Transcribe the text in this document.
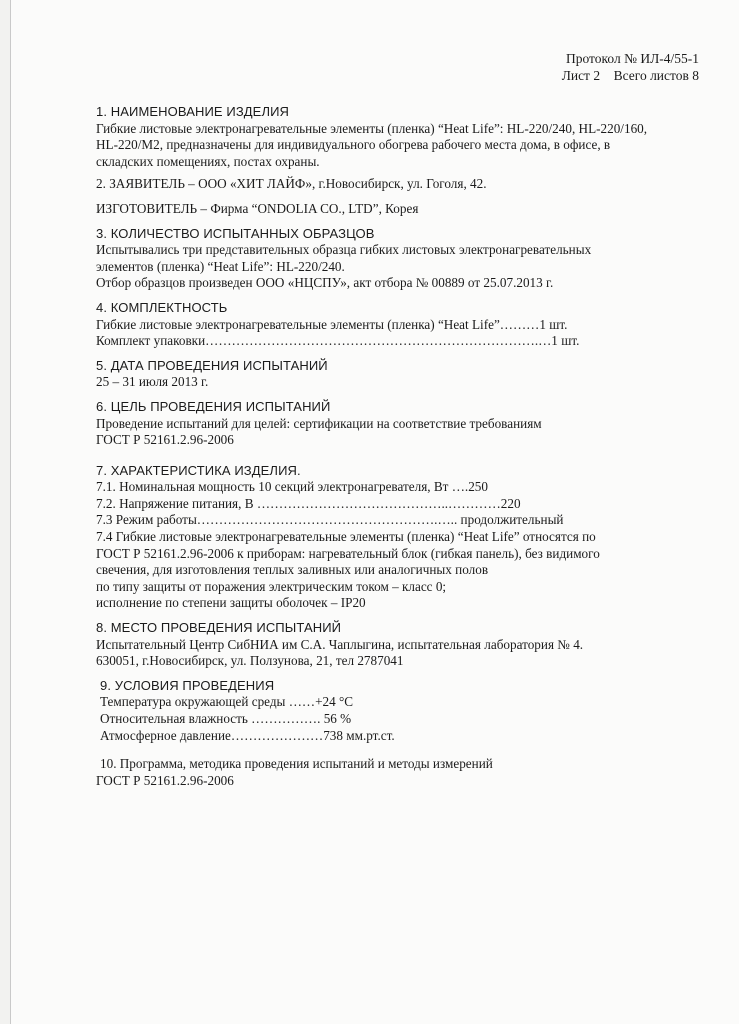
Протокол № ИЛ-4/55-1
Лист 2    Всего листов 8

1. НАИМЕНОВАНИЕ ИЗДЕЛИЯ

Гибкие листовые электронагревательные элементы (пленка) “Heat Life”: HL-220/240, HL-220/160,

HL-220/M2, предназначены для индивидуального обогрева рабочего места дома, в офисе, в

складских помещениях, постах охраны.

2. ЗАЯВИТЕЛЬ – ООО «ХИТ ЛАЙФ», г.Новосибирск, ул. Гоголя, 42.

ИЗГОТОВИТЕЛЬ – Фирма “ONDOLIA CO., LTD”, Корея

3. КОЛИЧЕСТВО ИСПЫТАННЫХ ОБРАЗЦОВ

Испытывались три представительных образца гибких листовых электронагревательных

элементов (пленка) “Heat Life”: HL-220/240.

Отбор образцов произведен ООО «НЦСПУ», акт отбора № 00889 от 25.07.2013 г.

4. КОМПЛЕКТНОСТЬ

Гибкие листовые электронагревательные элементы (пленка) “Heat Life”………1 шт.

Комплект упаковки………………………………………………………………….…1 шт.

5. ДАТА ПРОВЕДЕНИЯ ИСПЫТАНИЙ

25 – 31 июля 2013 г.

6. ЦЕЛЬ ПРОВЕДЕНИЯ ИСПЫТАНИЙ

Проведение испытаний для целей: сертификации на соответствие требованиям

ГОСТ Р 52161.2.96-2006

7. ХАРАКТЕРИСТИКА ИЗДЕЛИЯ.

7.1. Номинальная мощность 10 секций электронагревателя, Вт ….250

7.2. Напряжение питания, В ……………………………………..…………220

7.3 Режим работы……………………………………………….….. продолжительный

7.4 Гибкие листовые электронагревательные элементы (пленка) “Heat Life” относятся по

ГОСТ Р 52161.2.96-2006 к приборам: нагревательный блок (гибкая панель), без видимого

свечения, для изготовления теплых заливных или аналогичных полов

по типу защиты от поражения электрическим током – класс 0;

исполнение по степени защиты оболочек – IP20

8. МЕСТО ПРОВЕДЕНИЯ ИСПЫТАНИЙ

Испытательный Центр СибНИА им С.А. Чаплыгина, испытательная лаборатория № 4.

630051, г.Новосибирск, ул. Ползунова, 21, тел 2787041

9. УСЛОВИЯ ПРОВЕДЕНИЯ

Температура окружающей среды ……+24 °С

Относительная влажность ……………. 56 %

Атмосферное давление…………………738 мм.рт.ст.

10. Программа, методика проведения испытаний и методы измерений

ГОСТ Р 52161.2.96-2006
